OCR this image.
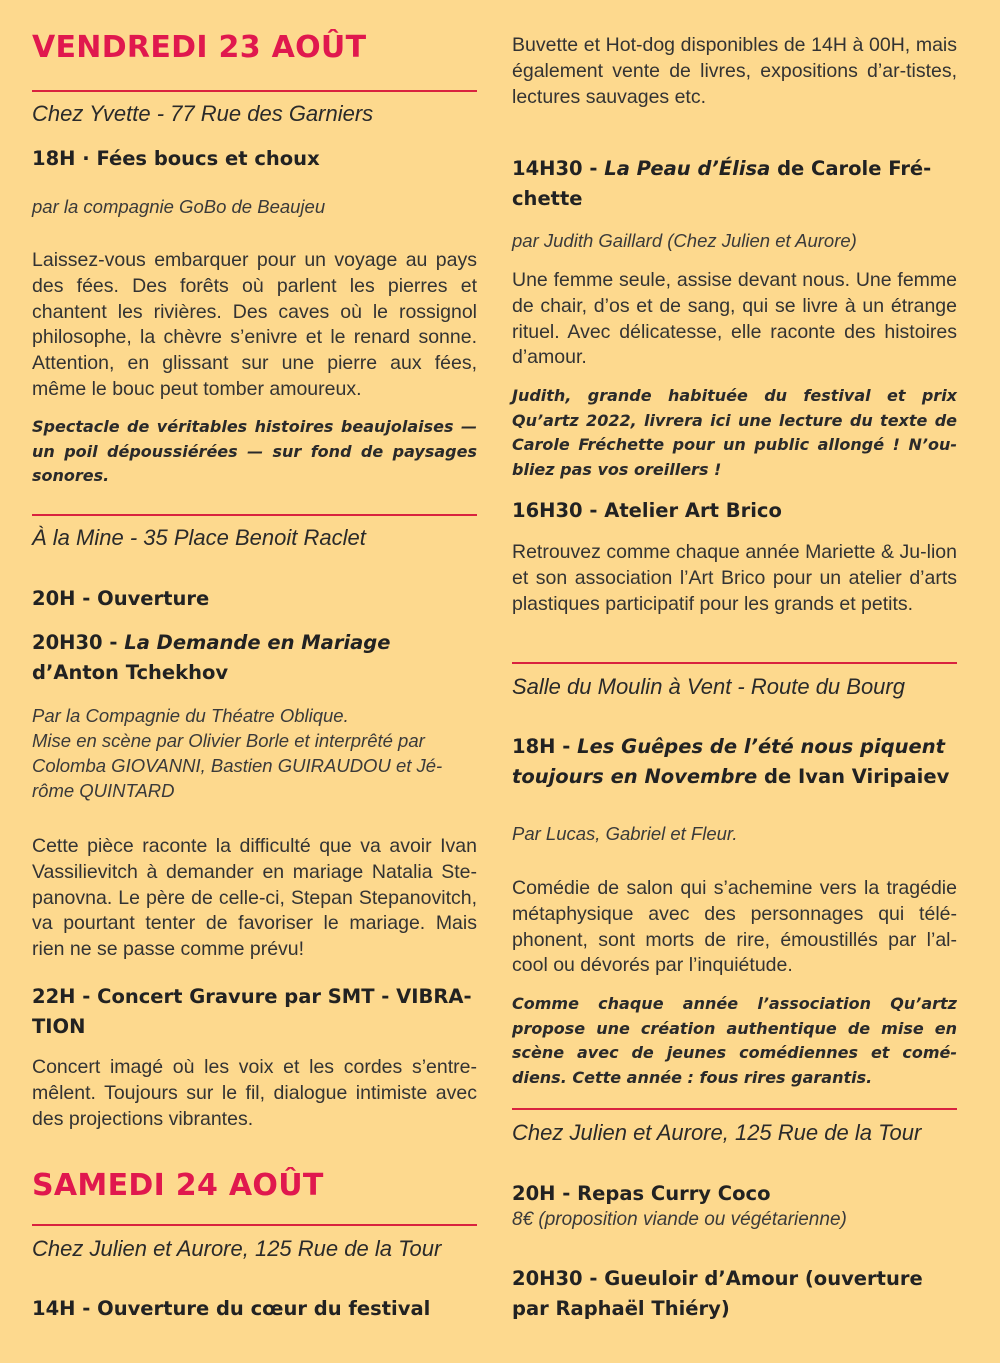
VENDREDI 23 AOÛT

Chez Yvette - 77 Rue des Garniers

18H · Fées boucs et choux

par la compagnie GoBo de Beaujeu

Laissez-vous embarquer pour un voyage au pays des fées. Des forêts où parlent les pierres et chantent les rivières. Des caves où le rossignol philosophe, la chèvre s’enivre et le renard sonne. Attention, en glissant sur une pierre aux fées, même le bouc peut tomber amoureux.

Spectacle de véritables histoires beaujolaises — un poil dépoussiérées — sur fond de paysages sonores.

À la Mine - 35 Place Benoit Raclet

20H - Ouverture

20H30 - La Demande en Mariage d’Anton Tchekhov

Par la Compagnie du Théatre Oblique.
Mise en scène par Olivier Borle et interprêté par Colomba GIOVANNI, Bastien GUIRAUDOU et Jé-rôme QUINTARD

Cette pièce raconte la difficulté que va avoir Ivan Vassilievitch à demander en mariage Natalia Ste-panovna. Le père de celle-ci, Stepan Stepanovitch, va pourtant tenter de favoriser le mariage. Mais rien ne se passe comme prévu!

22H - Concert Gravure par SMT - VIBRA-TION

Concert imagé où les voix et les cordes s’entre-mêlent. Toujours sur le fil, dialogue intimiste avec des projections vibrantes.

SAMEDI 24 AOÛT

Chez Julien et Aurore, 125 Rue de la Tour

14H - Ouverture du cœur du festival

Buvette et Hot-dog disponibles de 14H à 00H, mais également vente de livres, expositions d’ar-tistes, lectures sauvages etc.

14H30 - La Peau d’Élisa de Carole Fré-chette

par Judith Gaillard (Chez Julien et Aurore)

Une femme seule, assise devant nous. Une femme de chair, d’os et de sang, qui se livre à un étrange rituel. Avec délicatesse, elle raconte des histoires d’amour.

Judith, grande habituée du festival et prix Qu’artz 2022, livrera ici une lecture du texte de Carole Fréchette pour un public allongé ! N’ou-bliez pas vos oreillers !

16H30 - Atelier Art Brico

Retrouvez comme chaque année Mariette & Ju-lion et son association l’Art Brico pour un atelier d’arts plastiques participatif pour les grands et petits.

Salle du Moulin à Vent - Route du Bourg

18H - Les Guêpes de l’été nous piquent toujours en Novembre de Ivan Viripaiev

Par Lucas, Gabriel et Fleur.

Comédie de salon qui s’achemine vers la tragédie métaphysique avec des personnages qui télé-phonent, sont morts de rire, émoustillés par l’al-cool ou dévorés par l’inquiétude.

Comme chaque année l’association Qu’artz propose une création authentique de mise en scène avec de jeunes comédiennes et comé-diens. Cette année : fous rires garantis.

Chez Julien et Aurore, 125 Rue de la Tour

20H - Repas Curry Coco

8€ (proposition viande ou végétarienne)

20H30 - Gueuloir d’Amour (ouverture par Raphaël Thiéry)
